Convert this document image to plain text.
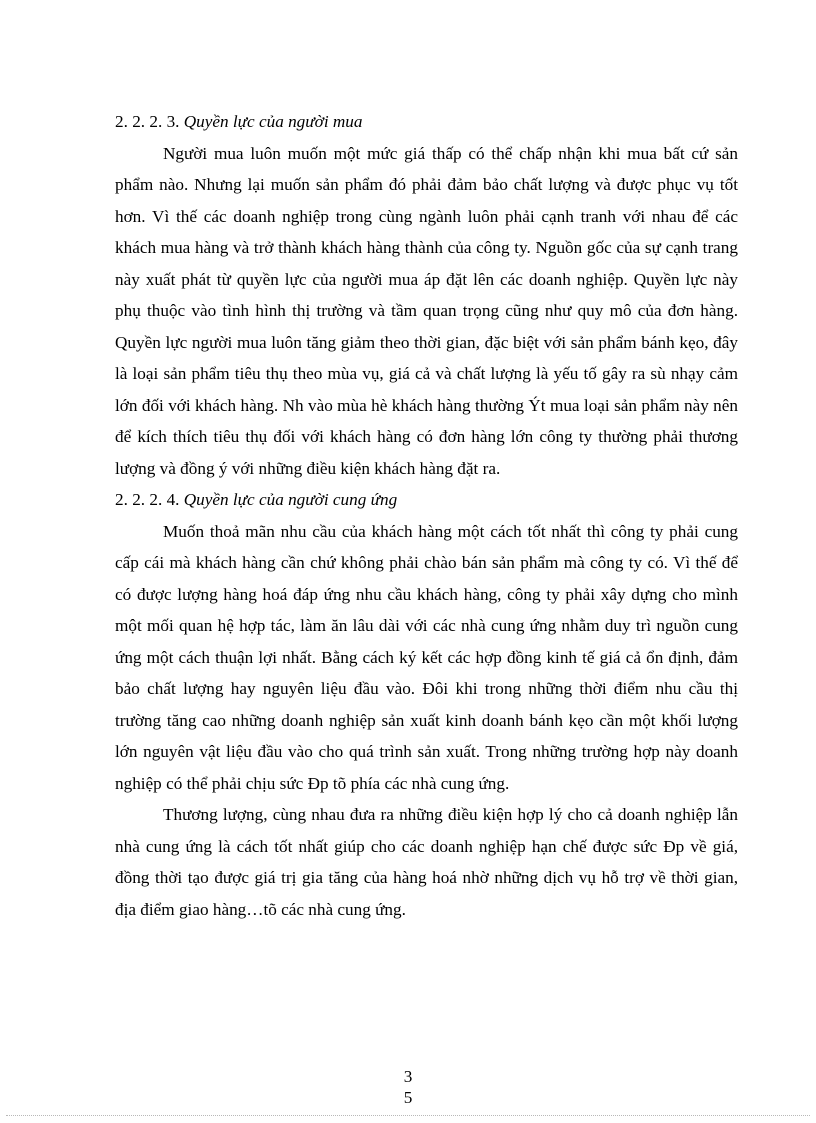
2. 2. 2. 3. Quyền lực của người mua

Người mua luôn muốn một mức giá thấp có thể chấp nhận khi mua bất cứ sản phẩm nào. Nhưng lại muốn sản phẩm đó phải đảm bảo chất lượng và được phục vụ tốt hơn. Vì thế các doanh nghiệp trong cùng ngành luôn phải cạnh tranh với nhau để các khách mua hàng và trở thành khách hàng thành của công ty. Nguồn gốc của sự cạnh trang này xuất phát từ quyền lực của người mua áp đặt lên các doanh nghiệp. Quyền lực này phụ thuộc vào tình hình thị trường và tầm quan trọng cũng như quy mô của đơn hàng. Quyền lực người mua luôn tăng giảm theo thời gian, đặc biệt với sản phẩm bánh kẹo, đây là loại sản phẩm tiêu thụ theo mùa vụ, giá cả và chất lượng là yếu tố gây ra sù nhạy cảm lớn đối với khách hàng. Nh vào mùa hè khách hàng thường Ýt mua loại sản phẩm này nên để kích thích tiêu thụ đối với khách hàng có đơn hàng lớn công ty thường phải thương lượng và đồng ý với những điều kiện khách hàng đặt ra.

2. 2. 2. 4. Quyền lực của người cung ứng

Muốn thoả mãn nhu cầu của khách hàng một cách tốt nhất thì công ty phải cung cấp cái mà khách hàng cần chứ không phải chào bán sản phẩm mà công ty có. Vì thế để có được lượng hàng hoá đáp ứng nhu cầu khách hàng, công ty phải xây dựng cho mình một mối quan hệ hợp tác, làm ăn lâu dài với các nhà cung ứng nhằm duy trì nguồn cung ứng một cách thuận lợi nhất. Bằng cách ký kết các hợp đồng kinh tế giá cả ổn định, đảm bảo chất lượng hay nguyên liệu đầu vào. Đôi khi trong những thời điểm nhu cầu thị trường tăng cao những doanh nghiệp sản xuất kinh doanh bánh kẹo cần một khối lượng lớn nguyên vật liệu đầu vào cho quá trình sản xuất. Trong những trường hợp này doanh nghiệp có thể phải chịu sức Ðp tõ phía các nhà cung ứng.

Thương lượng, cùng nhau đưa ra những điều kiện hợp lý cho cả doanh nghiệp lẫn nhà cung ứng là cách tốt nhất giúp cho các doanh nghiệp hạn chế được sức Ðp về giá, đồng thời tạo được giá trị gia tăng của hàng hoá nhờ những dịch vụ hỗ trợ về thời gian, địa điểm giao hàng…tõ các nhà cung ứng.

3
5
